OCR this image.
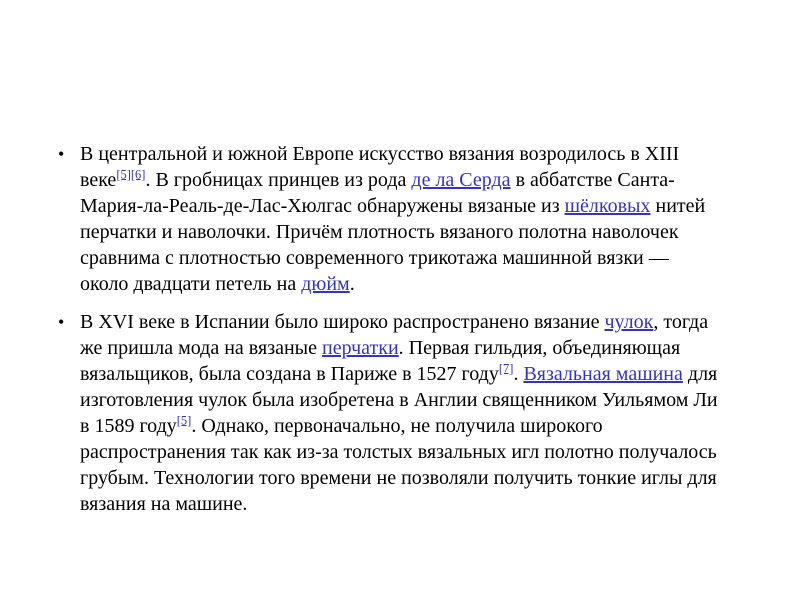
• В центральной и южной Европе искусство вязания возродилось в XIII веке[5][6]. В гробницах принцев из рода де ла Серда в аббатстве Санта-Мария-ла-Реаль-де-Лас-Хюлгас обнаружены вязаные из шёлковых нитей перчатки и наволочки. Причём плотность вязаного полотна наволочек сравнима с плотностью современного трикотажа машинной вязки — около двадцати петель на дюйм.
• В XVI веке в Испании было широко распространено вязание чулок, тогда же пришла мода на вязаные перчатки. Первая гильдия, объединяющая вязальщиков, была создана в Париже в 1527 году[7]. Вязальная машина для изготовления чулок была изобретена в Англии священником Уильямом Ли в 1589 году[5]. Однако, первоначально, не получила широкого распространения так как из-за толстых вязальных игл полотно получалось грубым. Технологии того времени не позволяли получить тонкие иглы для вязания на машине.
